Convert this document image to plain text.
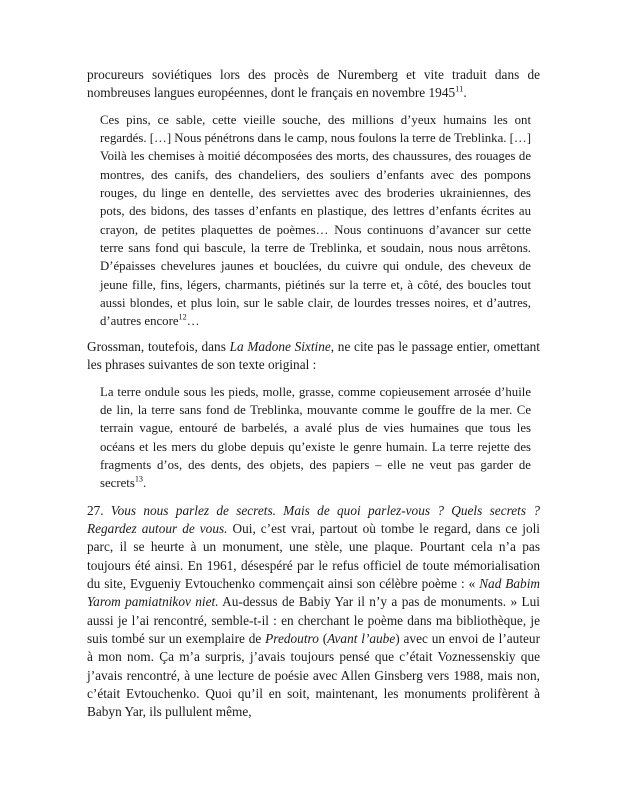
procureurs soviétiques lors des procès de Nuremberg et vite traduit dans de nombreuses langues européennes, dont le français en novembre 1945$^{11}$.

Ces pins, ce sable, cette vieille souche, des millions d’yeux humains les ont regardés. […] Nous pénétrons dans le camp, nous foulons la terre de Treblinka. […] Voilà les chemises à moitié décomposées des morts, des chaussures, des rouages de montres, des canifs, des chandeliers, des souliers d’enfants avec des pompons rouges, du linge en dentelle, des serviettes avec des broderies ukrainiennes, des pots, des bidons, des tasses d’enfants en plastique, des lettres d’enfants écrites au crayon, de petites plaquettes de poèmes… Nous continuons d’avancer sur cette terre sans fond qui bascule, la terre de Treblinka, et soudain, nous nous arrêtons. D’épaisses chevelures jaunes et bouclées, du cuivre qui ondule, des cheveux de jeune fille, fins, légers, charmants, piétinés sur la terre et, à côté, des boucles tout aussi blondes, et plus loin, sur le sable clair, de lourdes tresses noires, et d’autres, d’autres encore$^{12}$…

Grossman, toutefois, dans La Madone Sixtine, ne cite pas le passage entier, omettant les phrases suivantes de son texte original :

La terre ondule sous les pieds, molle, grasse, comme copieusement arrosée d’huile de lin, la terre sans fond de Treblinka, mouvante comme le gouffre de la mer. Ce terrain vague, entouré de barbelés, a avalé plus de vies humaines que tous les océans et les mers du globe depuis qu’existe le genre humain. La terre rejette des fragments d’os, des dents, des objets, des papiers – elle ne veut pas garder de secrets$^{13}$.

27. Vous nous parlez de secrets. Mais de quoi parlez-vous ? Quels secrets ? Regardez autour de vous. Oui, c’est vrai, partout où tombe le regard, dans ce joli parc, il se heurte à un monument, une stèle, une plaque. Pourtant cela n’a pas toujours été ainsi. En 1961, désespéré par le refus officiel de toute mémorialisation du site, Evgueniy Evtouchenko commençait ainsi son célèbre poème : « Nad Babim Yarom pamiatnikov niet. Au-dessus de Babiy Yar il n’y a pas de monuments. » Lui aussi je l’ai rencontré, semble-t-il : en cherchant le poème dans ma bibliothèque, je suis tombé sur un exemplaire de Predoutro (Avant l’aube) avec un envoi de l’auteur à mon nom. Ça m’a surpris, j’avais toujours pensé que c’était Voznessenskiy que j’avais rencontré, à une lecture de poésie avec Allen Ginsberg vers 1988, mais non, c’était Evtouchenko. Quoi qu’il en soit, maintenant, les monuments prolifèrent à Babyn Yar, ils pullulent même,
